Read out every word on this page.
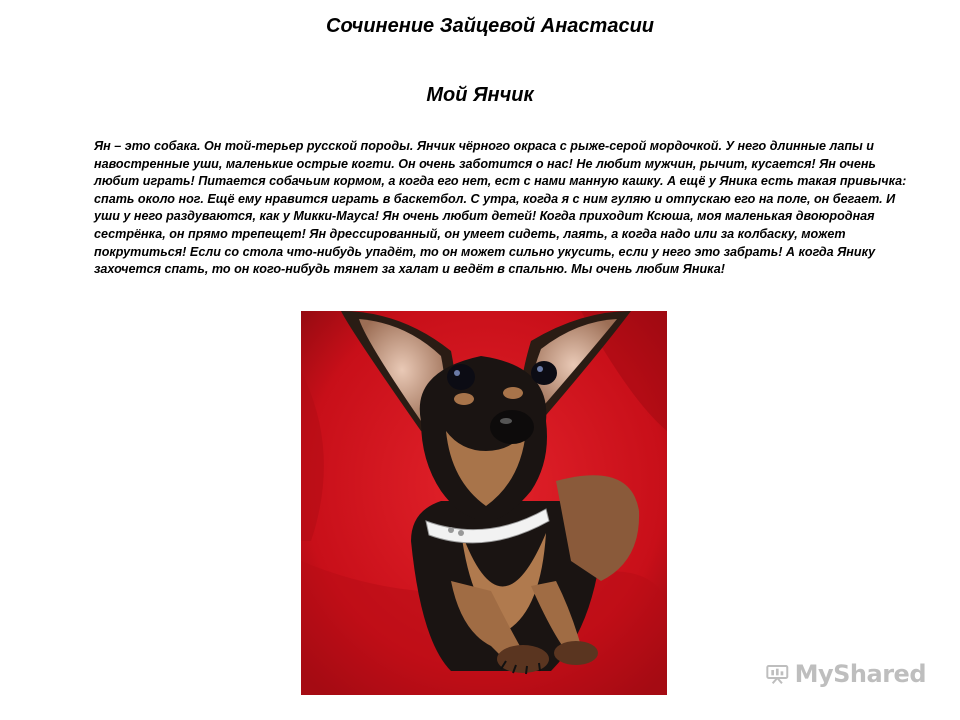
Сочинение Зайцевой Анастасии
Мой Янчик

Ян – это собака. Он той-терьер русской породы. Янчик чёрного окраса с рыже-серой мордочкой. У него длинные лапы и навостренные уши, маленькие острые когти. Он очень заботится о нас! Не любит мужчин, рычит, кусается! Ян очень любит играть! Питается собачьим кормом, а когда его нет, ест с нами манную кашку. А ещё у Яника есть такая привычка: спать около ног. Ещё ему нравится играть в баскетбол. С утра, когда я с ним гуляю и отпускаю его на поле, он бегает. И уши у него раздуваются, как у Микки-Мауса! Ян очень любит детей! Когда приходит Ксюша, моя маленькая двоюродная сестрёнка, он прямо трепещет! Ян дрессированный, он умеет сидеть, лаять, а когда надо или за колбаску, может покрутиться! Если со стола что-нибудь упадёт, то он может сильно укусить, если у него это забрать! А когда Янику захочется спать, то он кого-нибудь тянет за халат и ведёт в спальню. Мы очень любим Яника!

MyShared
